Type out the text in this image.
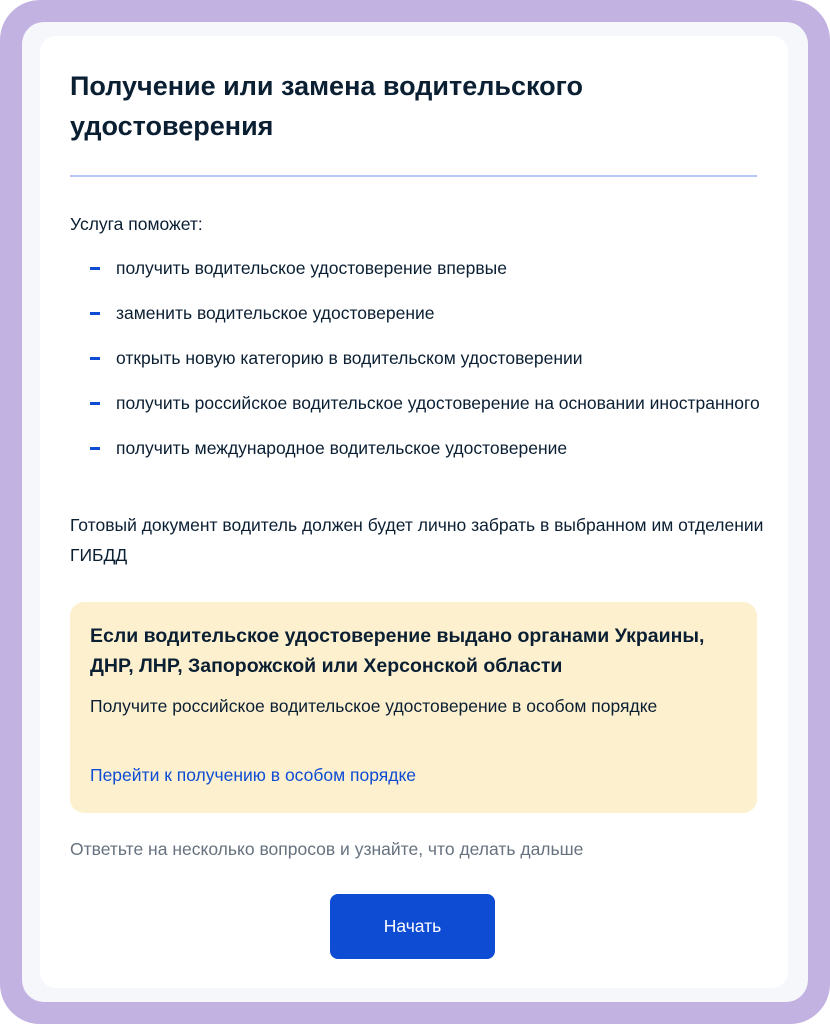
Получение или замена водительского удостоверения
Услуга поможет:
получить водительское удостоверение впервые
заменить водительское удостоверение
открыть новую категорию в водительском удостоверении
получить российское водительское удостоверение на основании иностранного
получить международное водительское удостоверение

Готовый документ водитель должен будет лично забрать в выбранном им отделении ГИБДД

Если водительское удостоверение выдано органами Украины, ДНР, ЛНР, Запорожской или Херсонской области

Получите российское водительское удостоверение в особом порядке

Перейти к получению в особом порядке

Ответьте на несколько вопросов и узнайте, что делать дальше

Начать
